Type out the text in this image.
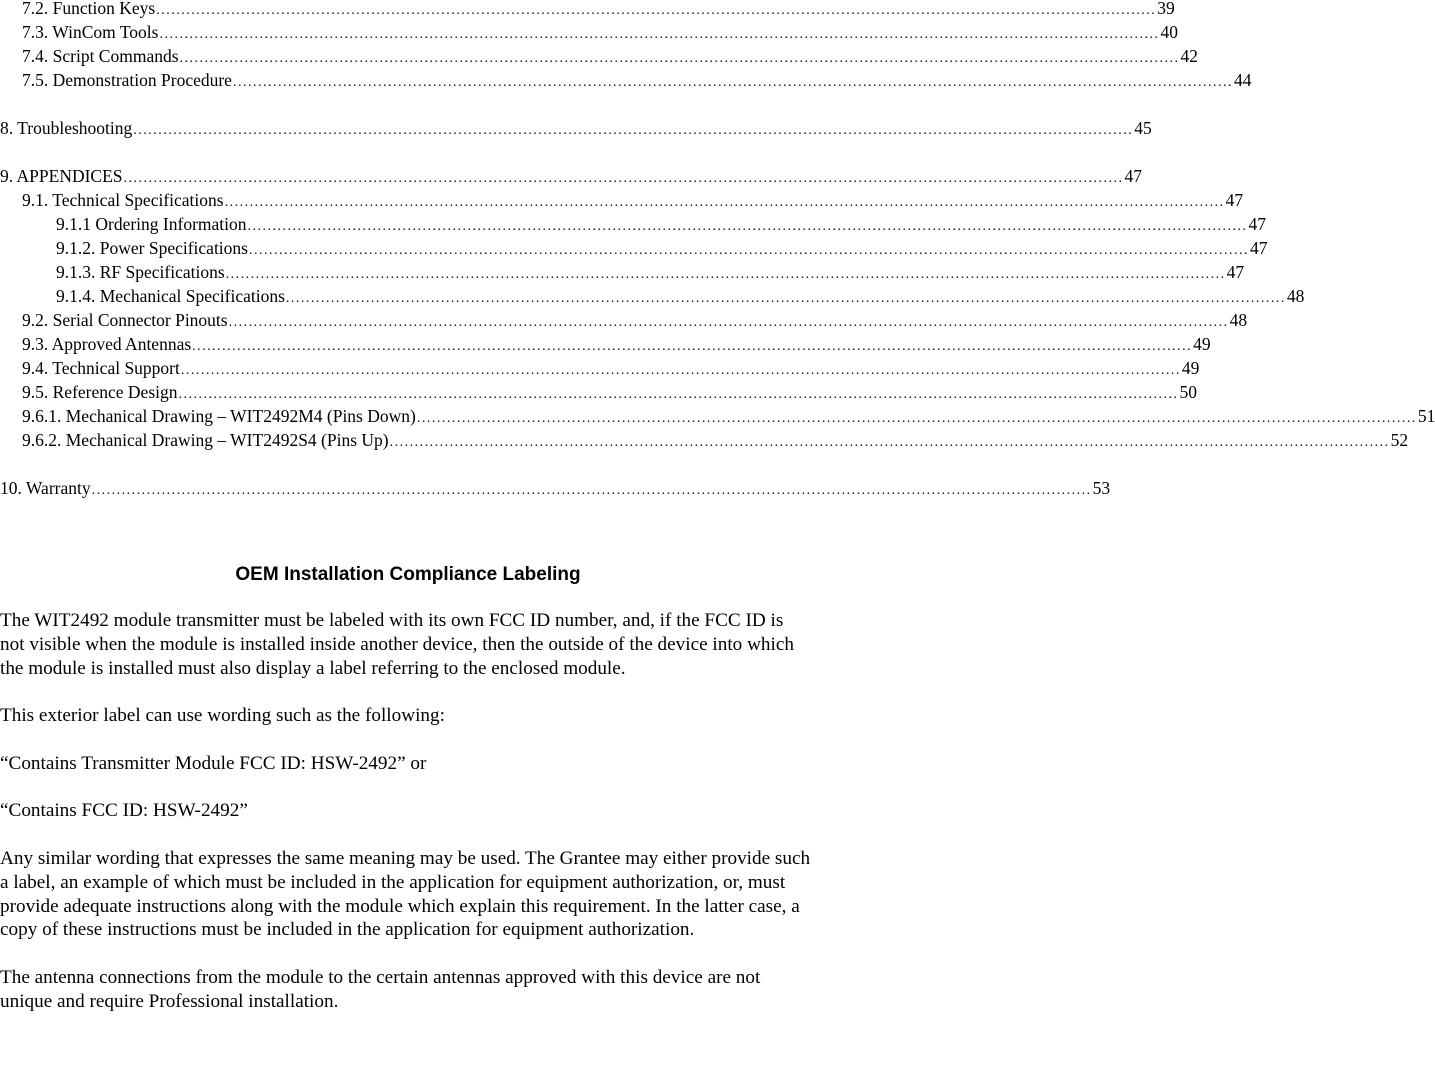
7.2. Function Keys ........................................................................................................................................................................................................ 39
7.3. WinCom Tools ........................................................................................................................................................................................................ 40
7.4. Script Commands ........................................................................................................................................................................................................ 42
7.5. Demonstration Procedure ........................................................................................................................................................................................................ 44
8. Troubleshooting ........................................................................................................................................................................................................ 45
9. APPENDICES ........................................................................................................................................................................................................ 47
9.1. Technical Specifications ........................................................................................................................................................................................................ 47
9.1.1 Ordering Information ........................................................................................................................................................................................................ 47
9.1.2. Power Specifications ........................................................................................................................................................................................................ 47
9.1.3. RF Specifications ........................................................................................................................................................................................................ 47
9.1.4. Mechanical Specifications ........................................................................................................................................................................................................ 48
9.2. Serial Connector Pinouts ........................................................................................................................................................................................................ 48
9.3. Approved Antennas ........................................................................................................................................................................................................ 49
9.4. Technical Support ........................................................................................................................................................................................................ 49
9.5. Reference Design ........................................................................................................................................................................................................ 50
9.6.1. Mechanical Drawing – WIT2492M4 (Pins Down) ........................................................................................................................................................................................................ 51
9.6.2. Mechanical Drawing – WIT2492S4 (Pins Up) ........................................................................................................................................................................................................ 52
10. Warranty ........................................................................................................................................................................................................ 53
OEM Installation Compliance Labeling

The WIT2492 module transmitter must be labeled with its own FCC ID number, and, if the FCC ID is not visible when the module is installed inside another device, then the outside of the device into which the module is installed must also display a label referring to the enclosed module.

This exterior label can use wording such as the following:

“Contains Transmitter Module FCC ID: HSW-2492” or

“Contains FCC ID: HSW-2492”

Any similar wording that expresses the same meaning may be used. The Grantee may either provide such a label, an example of which must be included in the application for equipment authorization, or, must provide adequate instructions along with the module which explain this requirement. In the latter case, a copy of these instructions must be included in the application for equipment authorization.

The antenna connections from the module to the certain antennas approved with this device are not unique and require Professional installation.
